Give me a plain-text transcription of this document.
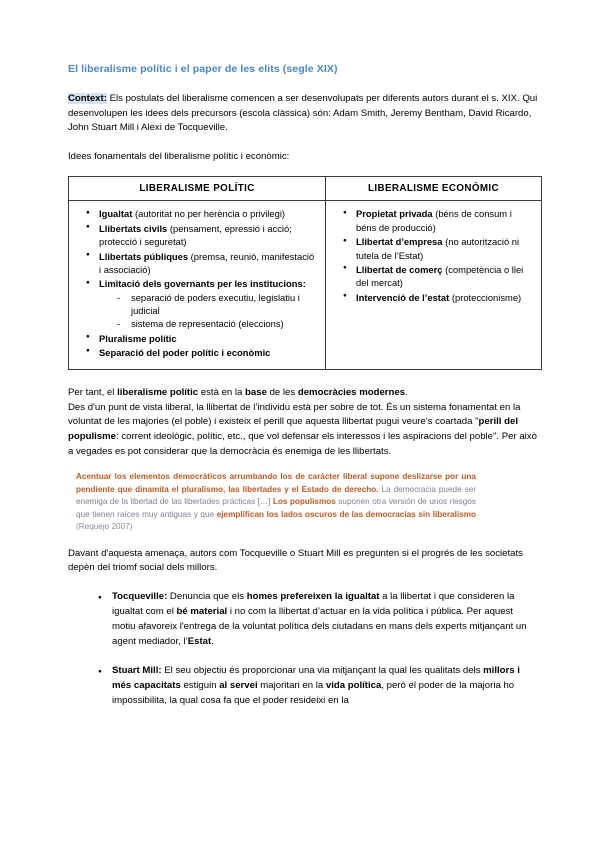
El liberalisme polític i el paper de les elits (segle XIX)

Context: Els postulats del liberalisme comencen a ser desenvolupats per diferents autors durant el s. XIX. Qui desenvolupen les idees dels precursors (escola clàssica) són: Adam Smith, Jeremy Bentham, David Ricardo, John Stuart Mill i Alexi de Tocqueville.

Idees fonamentals del liberalisme polític i econòmic:

LIBERALISME POLÍTIC	LIBERALISME ECONÒMIC

● Igualtat (autoritat no per herència o privilegi)
● Llibertats civils (pensament, epressió i acció; protecció i seguretat)
● Llibertats públiques (premsa, reunió, manifestació i associació)
● Limitació dels governants per les institucions:
- separació de poders executiu, legislatiu i judicial
- sistema de representació (eleccions)
● Pluralisme polític
● Separació del poder polític i econòmic

● Propietat privada (béns de consum i béns de producció)
● Llibertat d’empresa (no autorització ni tutela de l’Estat)
● Llibertat de comerç (competència o llei del mercat)
● Intervenció de l’estat (proteccionisme)

Per tant, el liberalisme polític està en la base de les democràcies modernes.
Des d'un punt de vista liberal, la llibertat de l’individu està per sobre de tot. És un sistema fonamentat en la voluntat de les majories (el poble) i existeix el perill que aquesta llibertat pugui veure's coartada "perill del populisme: corrent ideològic, polític, etc., que vol defensar els interessos i les aspiracions del poble". Per això a vegades es pot considerar que la democràcia és enemiga de les llibertats.

Acentuar los elementos democráticos arrumbando los de carácter liberal supone deslizarse por una pendiente que dinamita el pluralismo, las libertades y el Estado de derecho. La democracia puede ser enemiga de la libertad de las libertades prácticas […] Los populismos suponen otra versión de unos riesgos que tienen raíces muy antiguas y que ejemplifican los lados oscuros de las democracias sin liberalismo (Requejo 2007)

Davant d'aquesta amenaça, autors com Tocqueville o Stuart Mill es pregunten si el progrés de les societats depèn del triomf social dels millors.

● Tocqueville: Denuncia que els homes prefereixen la igualtat a la llibertat i que consideren la igualtat com el bé material i no com la llibertat d’actuar en la vida política i pública. Per aquest motiu afavoreix l'entrega de la voluntat política dels ciutadans en mans dels experts mitjançant un agent mediador, l’Estat.
● Stuart Mill: El seu objectiu és proporcionar una via mitjançant la qual les qualitats dels millors i més capacitats estiguin al servei majoritari en la vida política, però el poder de la majoria ho impossibilita, la qual cosa fa que el poder resideixi en la
